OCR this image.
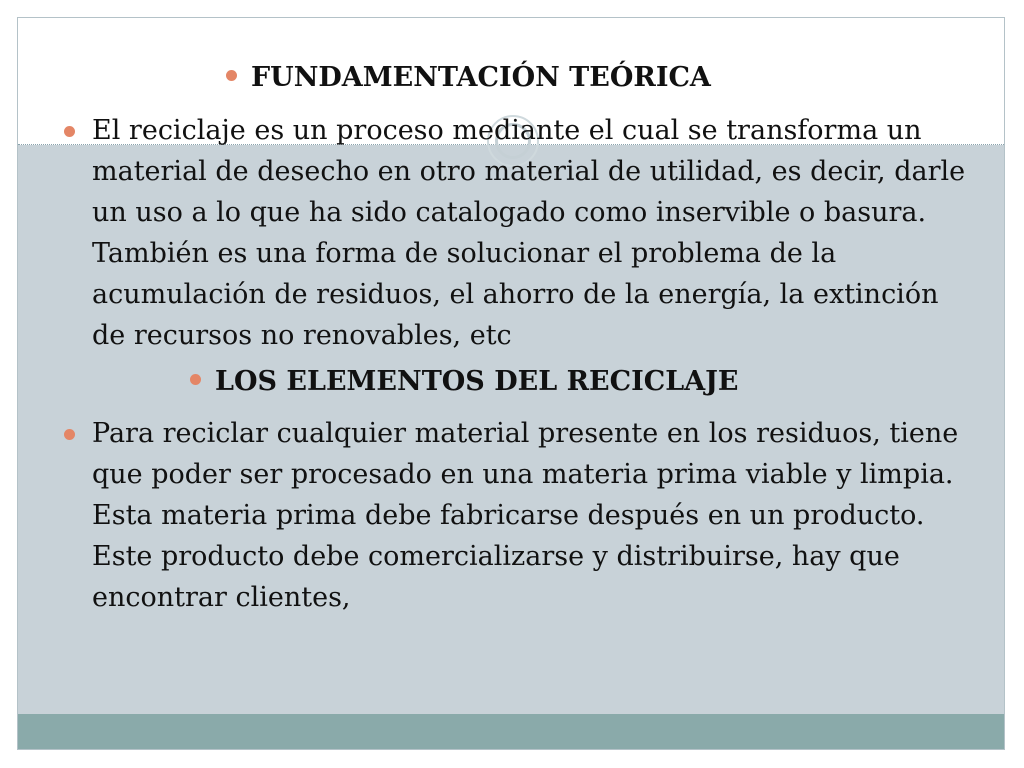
FUNDAMENTACIÓN TEÓRICA
El reciclaje es un proceso mediante el cual se transforma un material de desecho en otro material de utilidad, es decir, darle un uso a lo que ha sido catalogado como inservible o basura. También es una forma de solucionar el problema de la acumulación de residuos, el ahorro de la energía, la extinción de recursos no renovables, etc
LOS ELEMENTOS DEL RECICLAJE
Para reciclar cualquier material presente en los residuos, tiene que poder ser procesado en una materia prima viable y limpia. Esta materia prima debe fabricarse después en un producto. Este producto debe comercializarse y distribuirse, hay que encontrar clientes,
